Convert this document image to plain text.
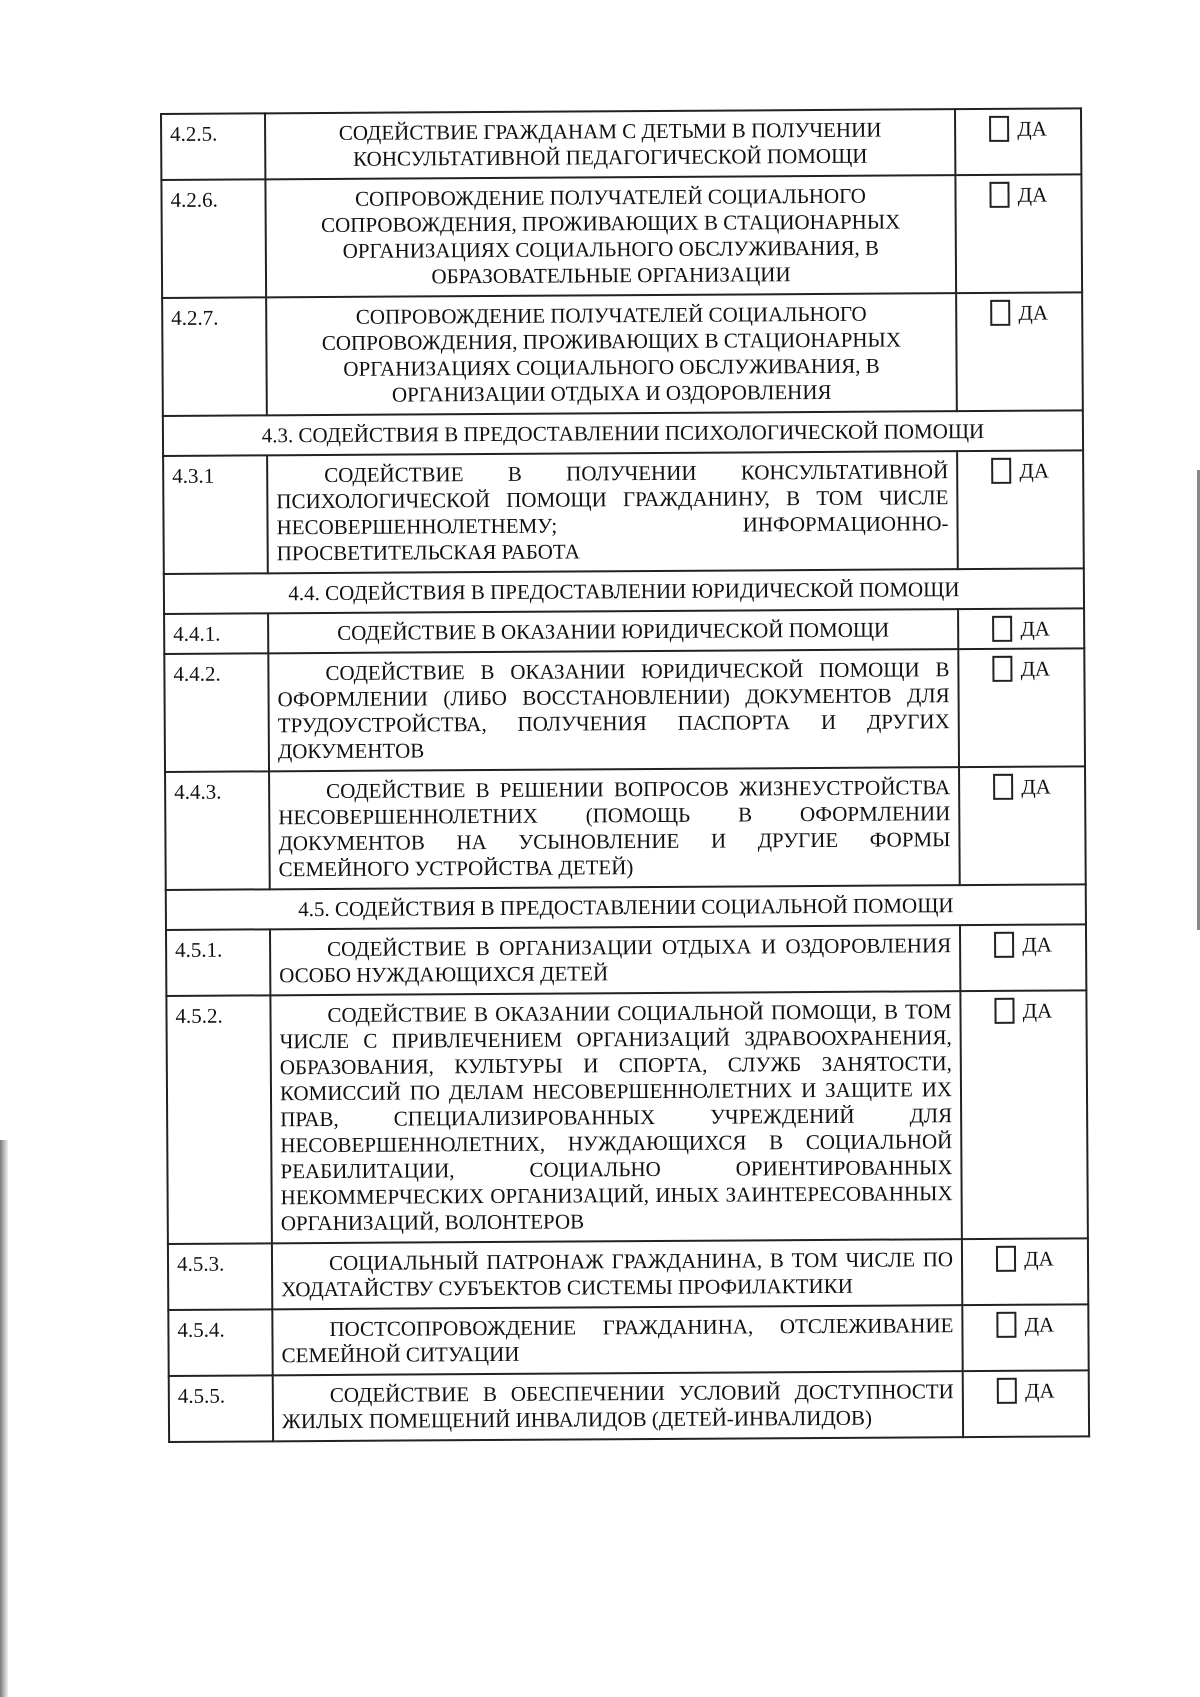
4.2.5.	СОДЕЙСТВИЕ ГРАЖДАНАМ С ДЕТЬМИ В ПОЛУЧЕНИИ КОНСУЛЬТАТИВНОЙ ПЕДАГОГИЧЕСКОЙ ПОМОЩИ	ДА

4.2.6.	СОПРОВОЖДЕНИЕ ПОЛУЧАТЕЛЕЙ СОЦИАЛЬНОГО СОПРОВОЖДЕНИЯ, ПРОЖИВАЮЩИХ В СТАЦИОНАРНЫХ ОРГАНИЗАЦИЯХ СОЦИАЛЬНОГО ОБСЛУЖИВАНИЯ, В ОБРАЗОВАТЕЛЬНЫЕ ОРГАНИЗАЦИИ	ДА

4.2.7.	СОПРОВОЖДЕНИЕ ПОЛУЧАТЕЛЕЙ СОЦИАЛЬНОГО СОПРОВОЖДЕНИЯ, ПРОЖИВАЮЩИХ В СТАЦИОНАРНЫХ ОРГАНИЗАЦИЯХ СОЦИАЛЬНОГО ОБСЛУЖИВАНИЯ, В ОРГАНИЗАЦИИ ОТДЫХА И ОЗДОРОВЛЕНИЯ	ДА

4.3. СОДЕЙСТВИЯ В ПРЕДОСТАВЛЕНИИ ПСИХОЛОГИЧЕСКОЙ ПОМОЩИ		
4.3.1	СОДЕЙСТВИЕ В ПОЛУЧЕНИИ КОНСУЛЬТАТИВНОЙ ПСИХОЛОГИЧЕСКОЙ ПОМОЩИ ГРАЖДАНИНУ, В ТОМ ЧИСЛЕ НЕСОВЕРШЕННОЛЕТНЕМУ; ИНФОРМАЦИОННО-ПРОСВЕТИТЕЛЬСКАЯ РАБОТА	ДА

4.4. СОДЕЙСТВИЯ В ПРЕДОСТАВЛЕНИИ ЮРИДИЧЕСКОЙ ПОМОЩИ		
4.4.1.	СОДЕЙСТВИЕ В ОКАЗАНИИ ЮРИДИЧЕСКОЙ ПОМОЩИ	ДА

4.4.2.	СОДЕЙСТВИЕ В ОКАЗАНИИ ЮРИДИЧЕСКОЙ ПОМОЩИ В ОФОРМЛЕНИИ (ЛИБО ВОССТАНОВЛЕНИИ) ДОКУМЕНТОВ ДЛЯ ТРУДОУСТРОЙСТВА, ПОЛУЧЕНИЯ ПАСПОРТА И ДРУГИХ ДОКУМЕНТОВ	ДА

4.4.3.	СОДЕЙСТВИЕ В РЕШЕНИИ ВОПРОСОВ ЖИЗНЕУСТРОЙСТВА НЕСОВЕРШЕННОЛЕТНИХ (ПОМОЩЬ В ОФОРМЛЕНИИ ДОКУМЕНТОВ НА УСЫНОВЛЕНИЕ И ДРУГИЕ ФОРМЫ СЕМЕЙНОГО УСТРОЙСТВА ДЕТЕЙ)	ДА

4.5. СОДЕЙСТВИЯ В ПРЕДОСТАВЛЕНИИ СОЦИАЛЬНОЙ ПОМОЩИ		
4.5.1.	СОДЕЙСТВИЕ В ОРГАНИЗАЦИИ ОТДЫХА И ОЗДОРОВЛЕНИЯ ОСОБО НУЖДАЮЩИХСЯ ДЕТЕЙ	ДА

4.5.2.	СОДЕЙСТВИЕ В ОКАЗАНИИ СОЦИАЛЬНОЙ ПОМОЩИ, В ТОМ ЧИСЛЕ С ПРИВЛЕЧЕНИЕМ ОРГАНИЗАЦИЙ ЗДРАВООХРАНЕНИЯ, ОБРАЗОВАНИЯ, КУЛЬТУРЫ И СПОРТА, СЛУЖБ ЗАНЯТОСТИ, КОМИССИЙ ПО ДЕЛАМ НЕСОВЕРШЕННОЛЕТНИХ И ЗАЩИТЕ ИХ ПРАВ, СПЕЦИАЛИЗИРОВАННЫХ УЧРЕЖДЕНИЙ ДЛЯ НЕСОВЕРШЕННОЛЕТНИХ, НУЖДАЮЩИХСЯ В СОЦИАЛЬНОЙ РЕАБИЛИТАЦИИ, СОЦИАЛЬНО ОРИЕНТИРОВАННЫХ НЕКОММЕРЧЕСКИХ ОРГАНИЗАЦИЙ, ИНЫХ ЗАИНТЕРЕСОВАННЫХ ОРГАНИЗАЦИЙ, ВОЛОНТЕРОВ	ДА

4.5.3.	СОЦИАЛЬНЫЙ ПАТРОНАЖ ГРАЖДАНИНА, В ТОМ ЧИСЛЕ ПО ХОДАТАЙСТВУ СУБЪЕКТОВ СИСТЕМЫ ПРОФИЛАКТИКИ	ДА

4.5.4.	ПОСТСОПРОВОЖДЕНИЕ ГРАЖДАНИНА, ОТСЛЕЖИВАНИЕ СЕМЕЙНОЙ СИТУАЦИИ	ДА

4.5.5.	СОДЕЙСТВИЕ В ОБЕСПЕЧЕНИИ УСЛОВИЙ ДОСТУПНОСТИ ЖИЛЫХ ПОМЕЩЕНИЙ ИНВАЛИДОВ (ДЕТЕЙ-ИНВАЛИДОВ)	ДА
